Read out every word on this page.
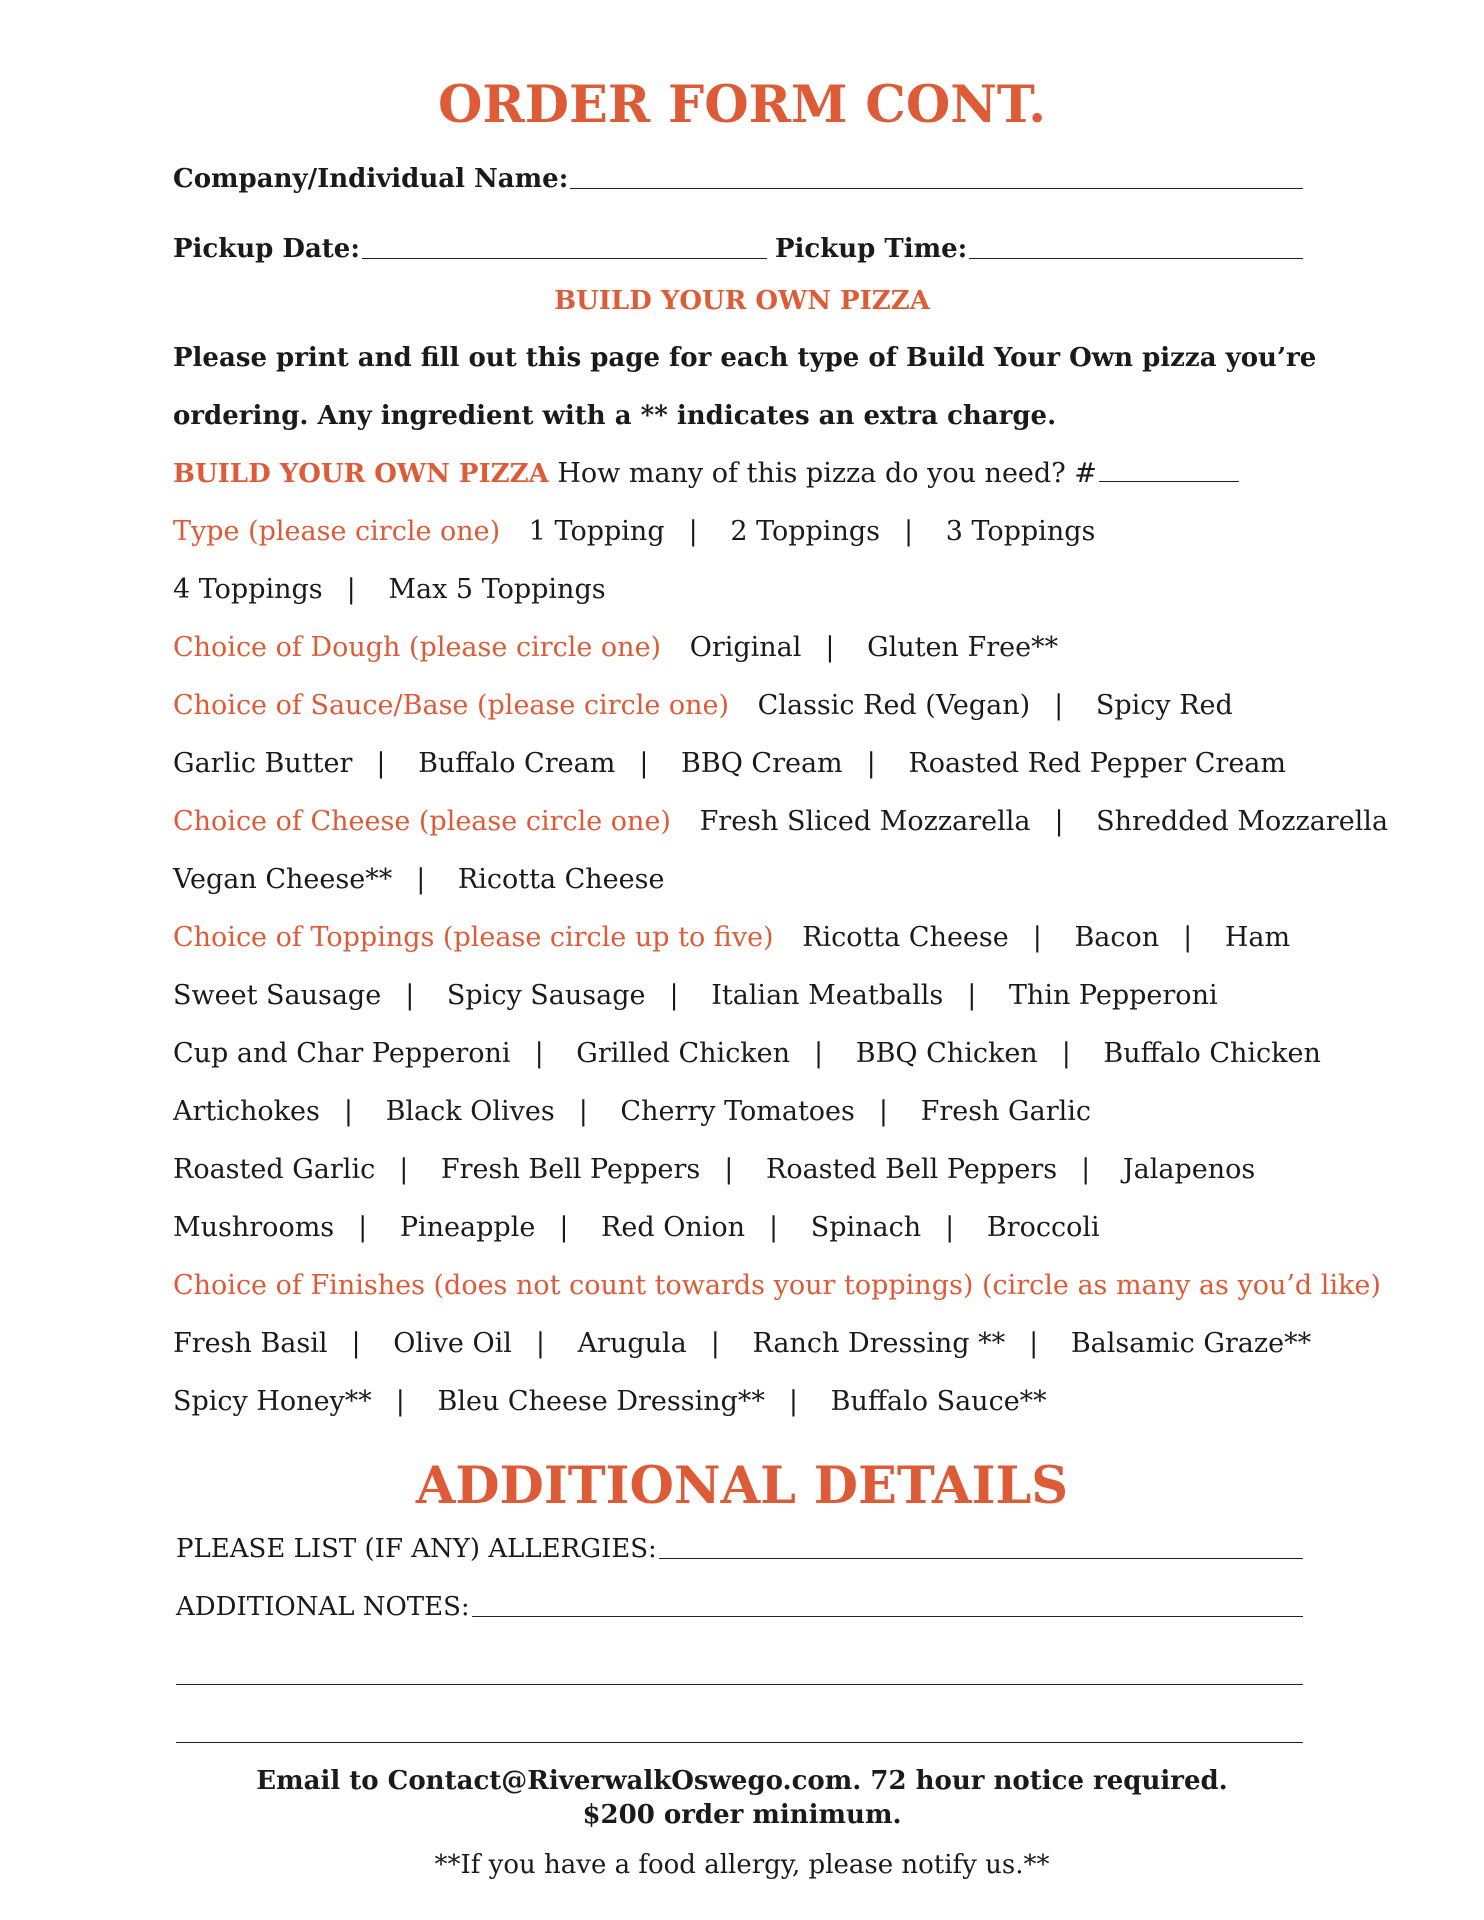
ORDER FORM CONT.
Company/Individual Name:
Pickup Date:	Pickup Time:
BUILD YOUR OWN PIZZA
Please print and fill out this page for each type of Build Your Own pizza you’re
ordering. Any ingredient with a ** indicates an extra charge.
BUILD YOUR OWN PIZZA How many of this pizza do you need? #
Type (please circle one) 1 Topping | 2 Toppings | 3 Toppings
4 Toppings | Max 5 Toppings
Choice of Dough (please circle one) Original | Gluten Free**
Choice of Sauce/Base (please circle one) Classic Red (Vegan) | Spicy Red
Garlic Butter | Buffalo Cream | BBQ Cream | Roasted Red Pepper Cream
Choice of Cheese (please circle one) Fresh Sliced Mozzarella | Shredded Mozzarella
Vegan Cheese** | Ricotta Cheese
Choice of Toppings (please circle up to five) Ricotta Cheese | Bacon | Ham
Sweet Sausage | Spicy Sausage | Italian Meatballs | Thin Pepperoni
Cup and Char Pepperoni | Grilled Chicken | BBQ Chicken | Buffalo Chicken
Artichokes | Black Olives | Cherry Tomatoes | Fresh Garlic
Roasted Garlic | Fresh Bell Peppers | Roasted Bell Peppers | Jalapenos
Mushrooms | Pineapple | Red Onion | Spinach | Broccoli
Choice of Finishes (does not count towards your toppings) (circle as many as you’d like)
Fresh Basil | Olive Oil | Arugula | Ranch Dressing ** | Balsamic Graze**
Spicy Honey** | Bleu Cheese Dressing** | Buffalo Sauce**
ADDITIONAL DETAILS
PLEASE LIST (IF ANY) ALLERGIES:
ADDITIONAL NOTES:
Email to Contact@RiverwalkOswego.com. 72 hour notice required.
$200 order minimum.
**If you have a food allergy, please notify us.**
